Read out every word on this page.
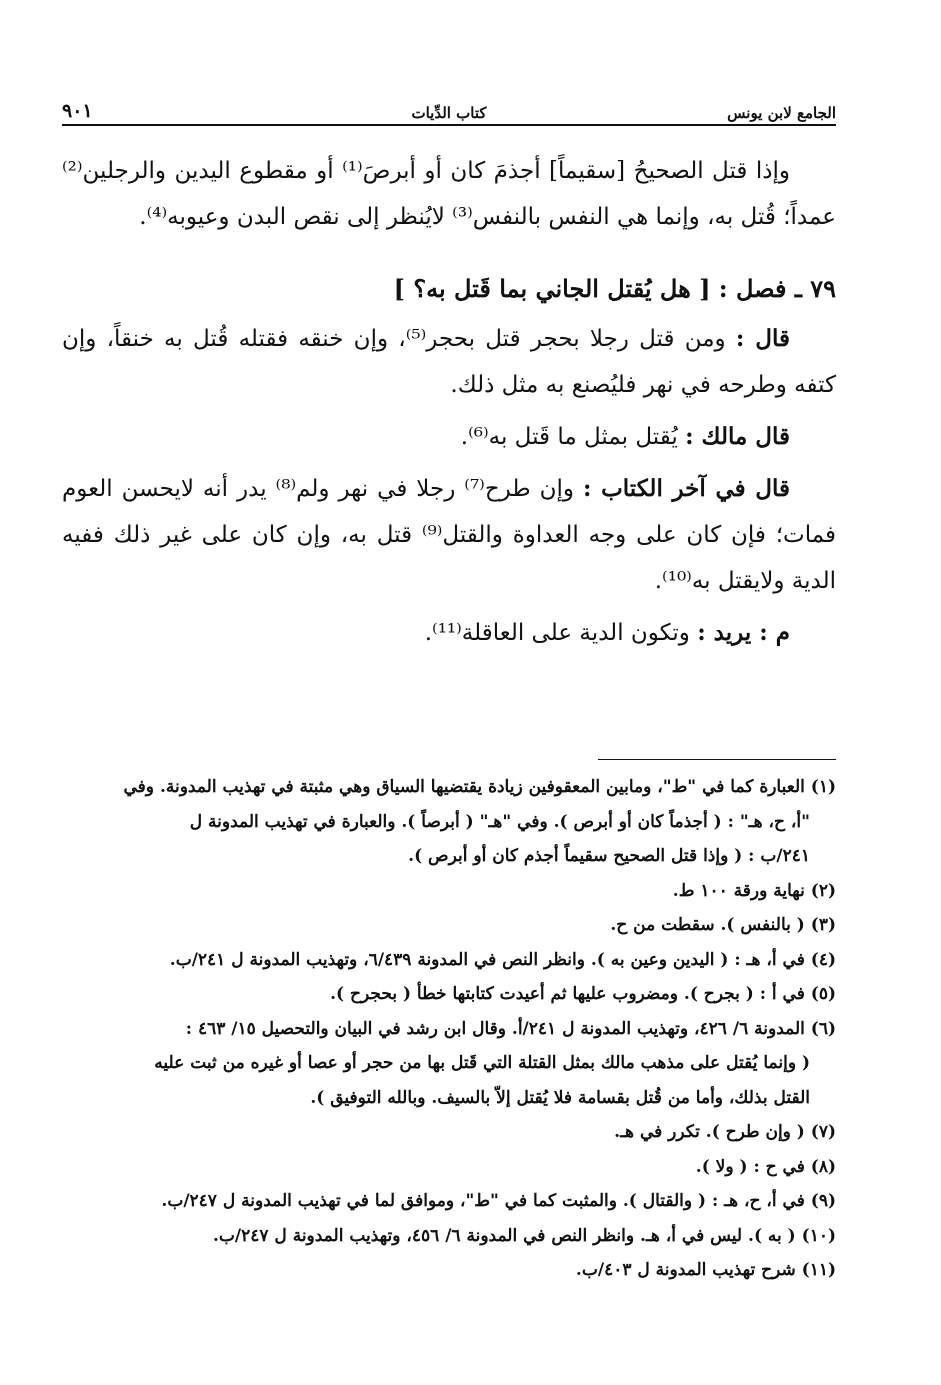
الجامع لابن يونس
كتاب الدِّيات
٩٠١

وإذا قتل الصحيحُ [سقيماً] أجذمَ كان أو أبرصَ⁽¹⁾ أو مقطوع اليدين والرجلين⁽²⁾ عمداً؛ قُتل به، وإنما هي النفس بالنفس⁽³⁾ لايُنظر إلى نقص البدن وعيوبه⁽⁴⁾.

٧٩ ـ فصل : [ هل يُقتل الجاني بما قَتل به؟ ]

قال : ومن قتل رجلا بحجر قتل بحجر⁽⁵⁾، وإن خنقه فقتله قُتل به خنقاً، وإن كتفه وطرحه في نهر فليُصنع به مثل ذلك.

قال مالك : يُقتل بمثل ما قَتل به⁽⁶⁾.

قال في آخر الكتاب : وإن طرح⁽⁷⁾ رجلا في نهر ولم⁽⁸⁾ يدر أنه لايحسن العوم فمات؛ فإن كان على وجه العداوة والقتل⁽⁹⁾ قتل به، وإن كان على غير ذلك ففيه الدية ولايقتل به⁽¹⁰⁾.

م : يريد : وتكون الدية على العاقلة⁽¹¹⁾.

(١) العبارة كما في "ط"، ومابين المعقوفين زيادة يقتضيها السياق وهي مثبتة في تهذيب المدونة. وفي

"أ، ح، هـ" : ( أجذماً كان أو أبرص ). وفي "هـ" ( أبرصاً ). والعبارة في تهذيب المدونة ل

٢٤١/ب : ( وإذا قتل الصحيح سقيماً أجذم كان أو أبرص ).

(٢) نهاية ورقة ١٠٠ ط.

(٣) ( بالنفس ). سقطت من ح.

(٤) في أ، هـ : ( اليدين وعين به ). وانظر النص في المدونة ٦/٤٣٩، وتهذيب المدونة ل ٢٤١/ب.

(٥) في أ : ( بجرح ). ومضروب عليها ثم أعيدت كتابتها خطأ ( بحجرح ).

(٦) المدونة ٦/ ٤٢٦، وتهذيب المدونة ل ٢٤١/أ. وقال ابن رشد في البيان والتحصيل ١٥/ ٤٦٣ :

( وإنما يُقتل على مذهب مالك بمثل القتلة التي قَتل بها من حجر أو عصا أو غيره من ثبت عليه

القتل بذلك، وأما من قُتل بقسامة فلا يُقتل إلاّ بالسيف. وبالله التوفيق ).

(٧) ( وإن طرح ). تكرر في هـ.

(٨) في ح : ( ولا ).

(٩) في أ، ح، هـ : ( والقتال ). والمثبت كما في "ط"، وموافق لما في تهذيب المدونة ل ٢٤٧/ب.

(١٠) ( به ). ليس في أ، هـ. وانظر النص في المدونة ٦/ ٤٥٦، وتهذيب المدونة ل ٢٤٧/ب.

(١١) شرح تهذيب المدونة ل ٤٠٣/ب.
